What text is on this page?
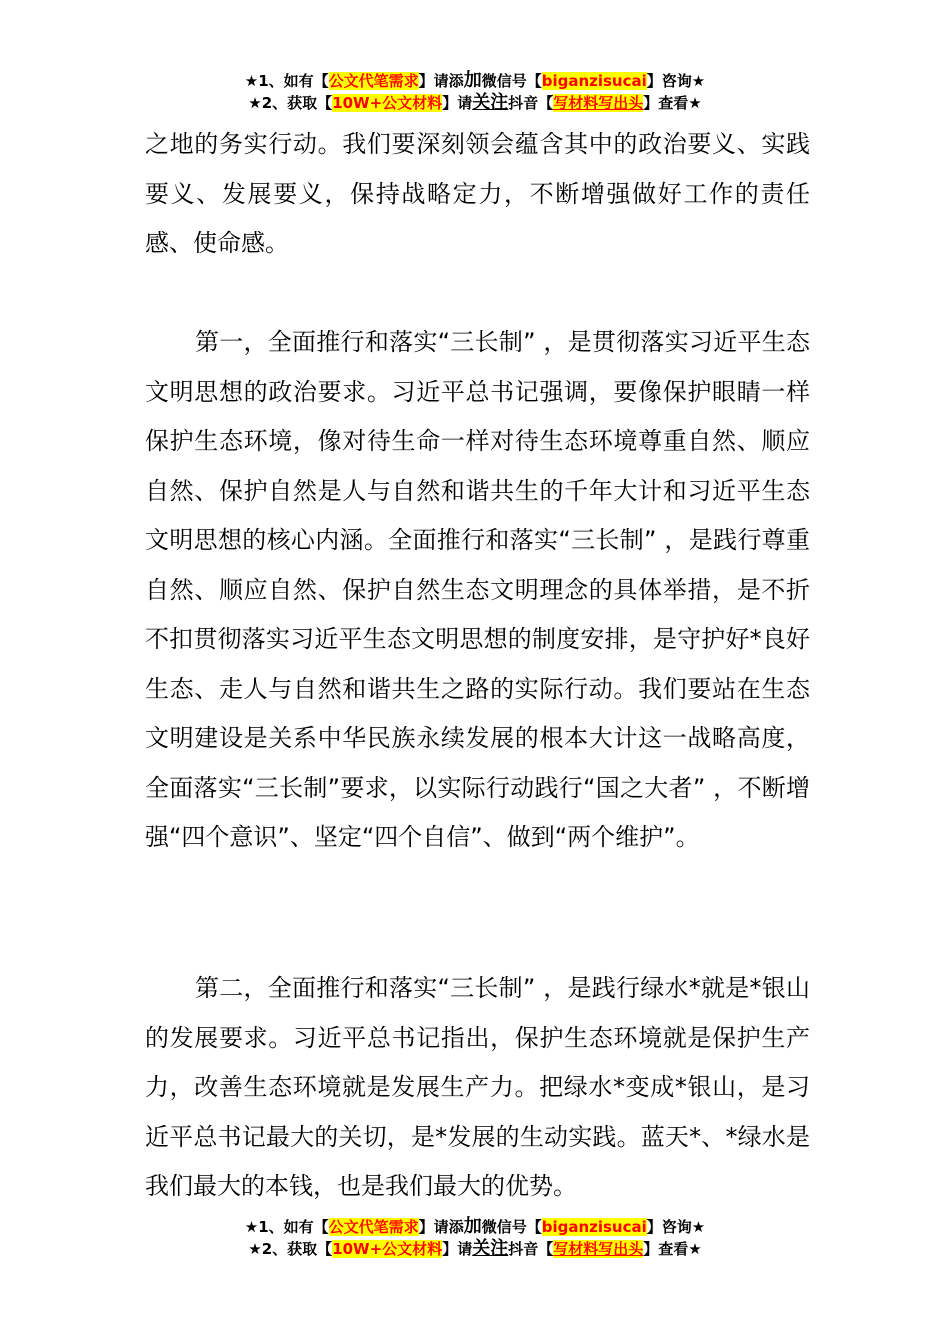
★1、如有【公文代笔需求】请添加微信号【biganzisucai】咨询★
★2、获取【10W+公文材料】请关注抖音【写材料写出头】查看★

之地的务实行动。我们要深刻领会蕴含其中的政治要义、实践要义、发展要义，保持战略定力，不断增强做好工作的责任感、使命感。

第一，全面推行和落实“三长制” ，是贯彻落实习近平生态文明思想的政治要求。习近平总书记强调，要像保护眼睛一样保护生态环境，像对待生命一样对待生态环境尊重自然、顺应自然、保护自然是人与自然和谐共生的千年大计和习近平生态文明思想的核心内涵。全面推行和落实“三长制” ，是践行尊重自然、顺应自然、保护自然生态文明理念的具体举措，是不折不扣贯彻落实习近平生态文明思想的制度安排，是守护好*良好生态、走人与自然和谐共生之路的实际行动。我们要站在生态文明建设是关系中华民族永续发展的根本大计这一战略高度，全面落实“三长制”要求，以实际行动践行“国之大者” ，不断增强“四个意识”、坚定“四个自信”、做到“两个维护”。

第二，全面推行和落实“三长制” ，是践行绿水*就是*银山的发展要求。习近平总书记指出，保护生态环境就是保护生产力，改善生态环境就是发展生产力。把绿水*变成*银山，是习近平总书记最大的关切，是*发展的生动实践。蓝天*、*绿水是我们最大的本钱，也是我们最大的优势。

★1、如有【公文代笔需求】请添加微信号【biganzisucai】咨询★
★2、获取【10W+公文材料】请关注抖音【写材料写出头】查看★
